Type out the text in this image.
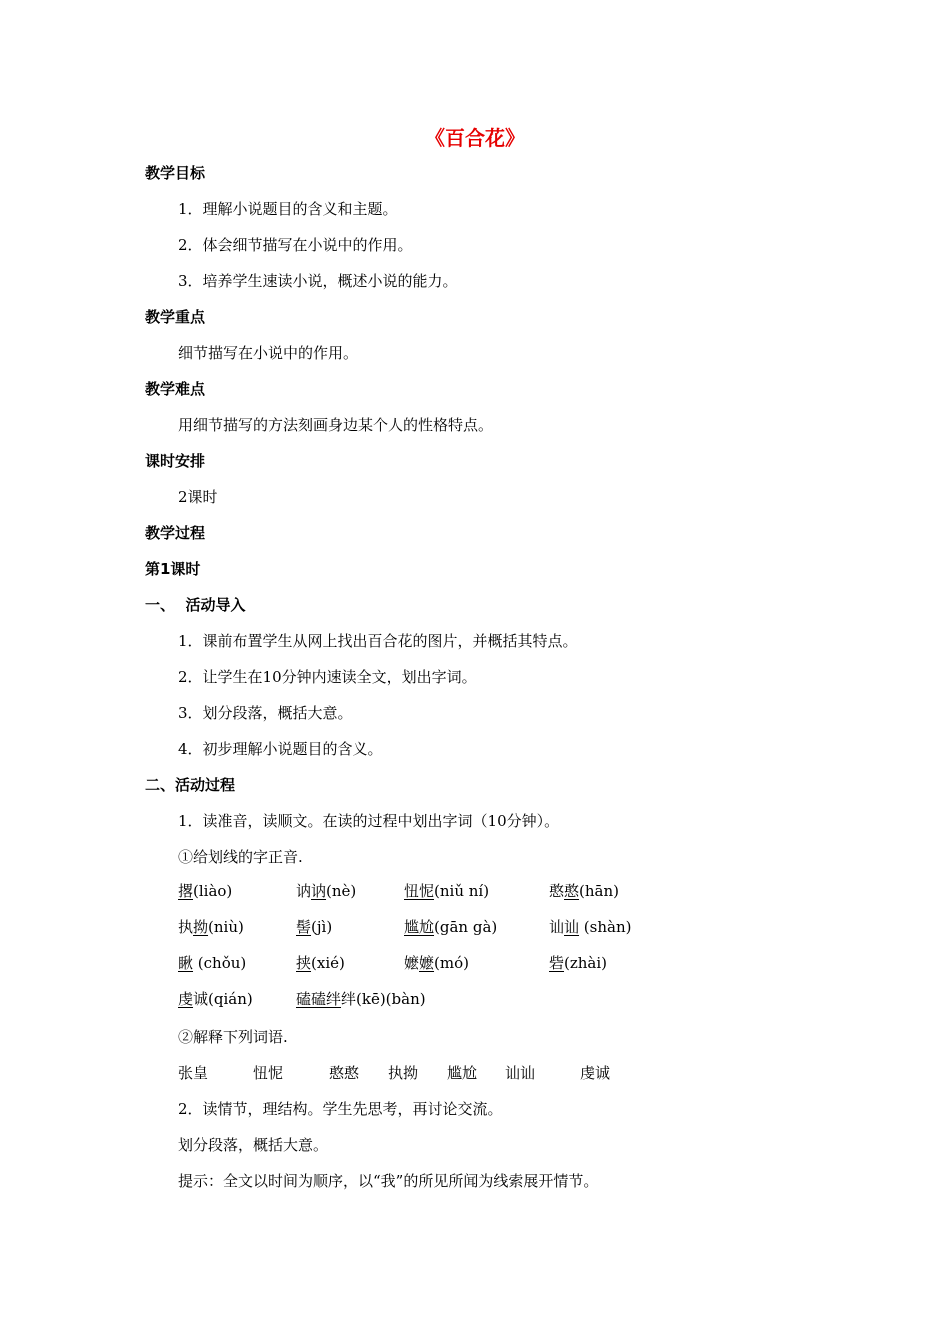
《百合花》
教学目标
1．理解小说题目的含义和主题。
2．体会细节描写在小说中的作用。
3．培养学生速读小说，概述小说的能力。
教学重点
细节描写在小说中的作用。
教学难点
用细节描写的方法刻画身边某个人的性格特点。
课时安排
2课时
教学过程
第1课时
一、  活动导入
1．课前布置学生从网上找出百合花的图片，并概括其特点。
2．让学生在10分钟内速读全文，划出字词。
3．划分段落，概括大意。
4．初步理解小说题目的含义。
二、活动过程
1．读准音，读顺文。在读的过程中划出字词（10分钟）。
①给划线的字正音.
撂(liào)	讷讷(nè)	忸怩(niǔ ní)	憨憨(hān)
执拗(niù)	髻(jì)	尴尬(gān gà)	讪讪 (shàn)
瞅 (chǒu)	挟(xié)	嬷嬷(mó)	砦(zhài)
虔诚(qián)	磕磕绊绊(kē)(bàn)
②解释下列词语.
张皇	忸怩	憨憨 执拗 尴尬 讪讪	虔诚
2．读情节，理结构。学生先思考，再讨论交流。
划分段落，概括大意。
提示：全文以时间为顺序，以“我”的所见所闻为线索展开情节。
